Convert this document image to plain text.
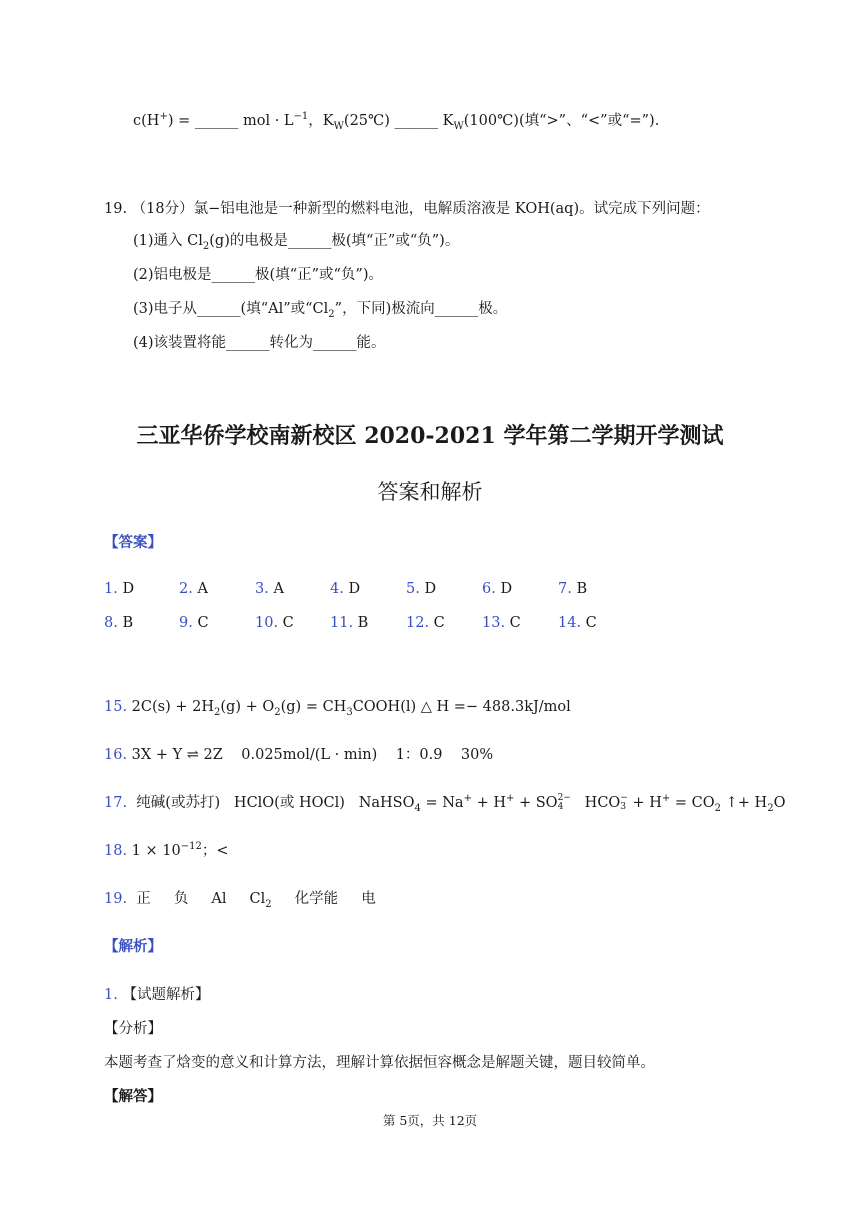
c(H+) = ______ mol · $L^{-1}$，$K_W(25℃)$ ______ $K_W(100℃)$(填“>”、“<”或“=”).
19. （18分）氯−铝电池是一种新型的燃料电池，电解质溶液是 KOH(aq)。试完成下列问题：
(1)通入 $Cl_2(g)$的电极是______极(填“正”或“负”)。
(2)铝电极是______极(填“正”或“负”)。
(3)电子从______(填“Al”或“$Cl_2$”，下同)极流向______极。
(4)该装置将能______转化为______能。
三亚华侨学校南新校区 2020-2021 学年第二学期开学测试
答案和解析
【答案】
1. D	2. A	3. A	4. D	5. D	6. D	7. B
8. B	9. C	10. C 11. B	12. C	13. C	14. C
15. $2C(s) + 2H_2(g) + O_2(g)$ = $CH_3COOH(l)$ △ H =− 488.3kJ/mol
16. 3X + Y ⇌ 2Z    0.025mol/(L · min)    1：0.9    30%
17. 纯碱(或苏打)   HClO(或 HOCl)   NaHSO$_4$ = Na+ + H+ + SO 2−
4 HCO −
$3 + H^+ = CO_2$ ↑+ $H_2O$
18. $1 \times 10^{-12}$；<
19. 正     负     Al     $Cl_2$     化学能     电
【解析】
1. 【试题解析】
【分析】
本题考查了焓变的意义和计算方法，理解计算依据恒容概念是解题关键，题目较简单。
【解答】
第 5页，共 12页
